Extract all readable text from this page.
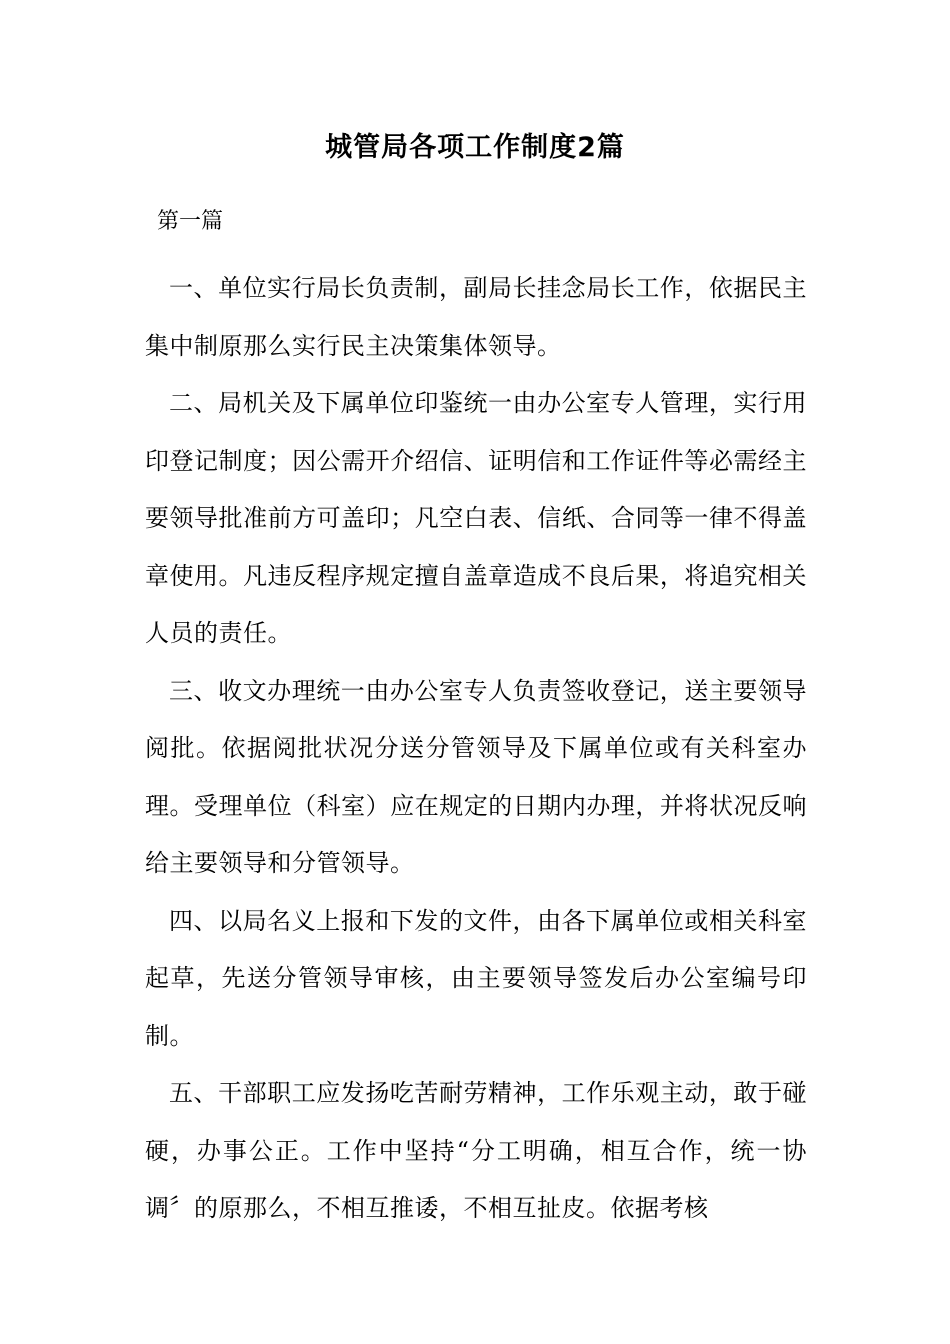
城管局各项工作制度2篇
第一篇

一、单位实行局长负责制，副局长挂念局长工作，依据民主集中制原那么实行民主决策集体领导。

二、局机关及下属单位印鉴统一由办公室专人管理，实行用印登记制度；因公需开介绍信、证明信和工作证件等必需经主要领导批准前方可盖印；凡空白表、信纸、合同等一律不得盖章使用。凡违反程序规定擅自盖章造成不良后果，将追究相关人员的责任。

三、收文办理统一由办公室专人负责签收登记，送主要领导阅批。依据阅批状况分送分管领导及下属单位或有关科室办理。受理单位（科室）应在规定的日期内办理，并将状况反响给主要领导和分管领导。

四、以局名义上报和下发的文件，由各下属单位或相关科室起草，先送分管领导审核，由主要领导签发后办公室编号印制。

五、干部职工应发扬吃苦耐劳精神，工作乐观主动，敢于碰硬，办事公正。工作中坚持“分工明确，相互合作，统一协调〞的原那么，不相互推诿，不相互扯皮。依据考核
